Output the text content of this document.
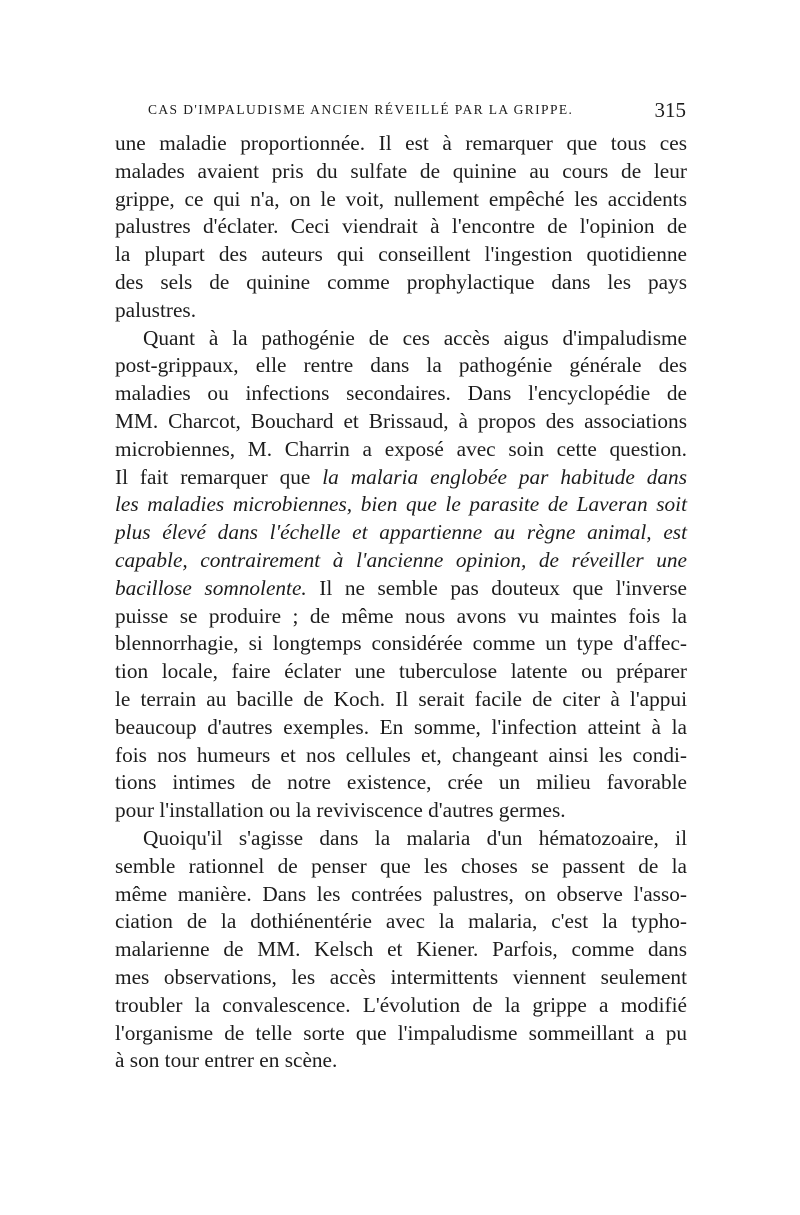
CAS D'IMPALUDISME ANCIEN RÉVEILLÉ PAR LA GRIPPE.	315

une maladie proportionnée. Il est à remarquer que tous ces

malades avaient pris du sulfate de quinine au cours de leur

grippe, ce qui n'a, on le voit, nullement empêché les accidents

palustres d'éclater. Ceci viendrait à l'encontre de l'opinion de

la plupart des auteurs qui conseillent l'ingestion quotidienne

des sels de quinine comme prophylactique dans les pays

palustres.

Quant à la pathogénie de ces accès aigus d'impaludisme

post-grippaux, elle rentre dans la pathogénie générale des

maladies ou infections secondaires. Dans l'encyclopédie de

MM. Charcot, Bouchard et Brissaud, à propos des associations

microbiennes, M. Charrin a exposé avec soin cette question.

Il fait remarquer que la malaria englobée par habitude dans

les maladies microbiennes, bien que le parasite de Laveran soit

plus élevé dans l'échelle et appartienne au règne animal, est

capable, contrairement à l'ancienne opinion, de réveiller une

bacillose somnolente. Il ne semble pas douteux que l'inverse

puisse se produire ; de même nous avons vu maintes fois la

blennorrhagie, si longtemps considérée comme un type d'affec-

tion locale, faire éclater une tuberculose latente ou préparer

le terrain au bacille de Koch. Il serait facile de citer à l'appui

beaucoup d'autres exemples. En somme, l'infection atteint à la

fois nos humeurs et nos cellules et, changeant ainsi les condi-

tions intimes de notre existence, crée un milieu favorable

pour l'installation ou la reviviscence d'autres germes.

Quoiqu'il s'agisse dans la malaria d'un hématozoaire, il

semble rationnel de penser que les choses se passent de la

même manière. Dans les contrées palustres, on observe l'asso-

ciation de la dothiénentérie avec la malaria, c'est la typho-

malarienne de MM. Kelsch et Kiener. Parfois, comme dans

mes observations, les accès intermittents viennent seulement

troubler la convalescence. L'évolution de la grippe a modifié

l'organisme de telle sorte que l'impaludisme sommeillant a pu

à son tour entrer en scène.
